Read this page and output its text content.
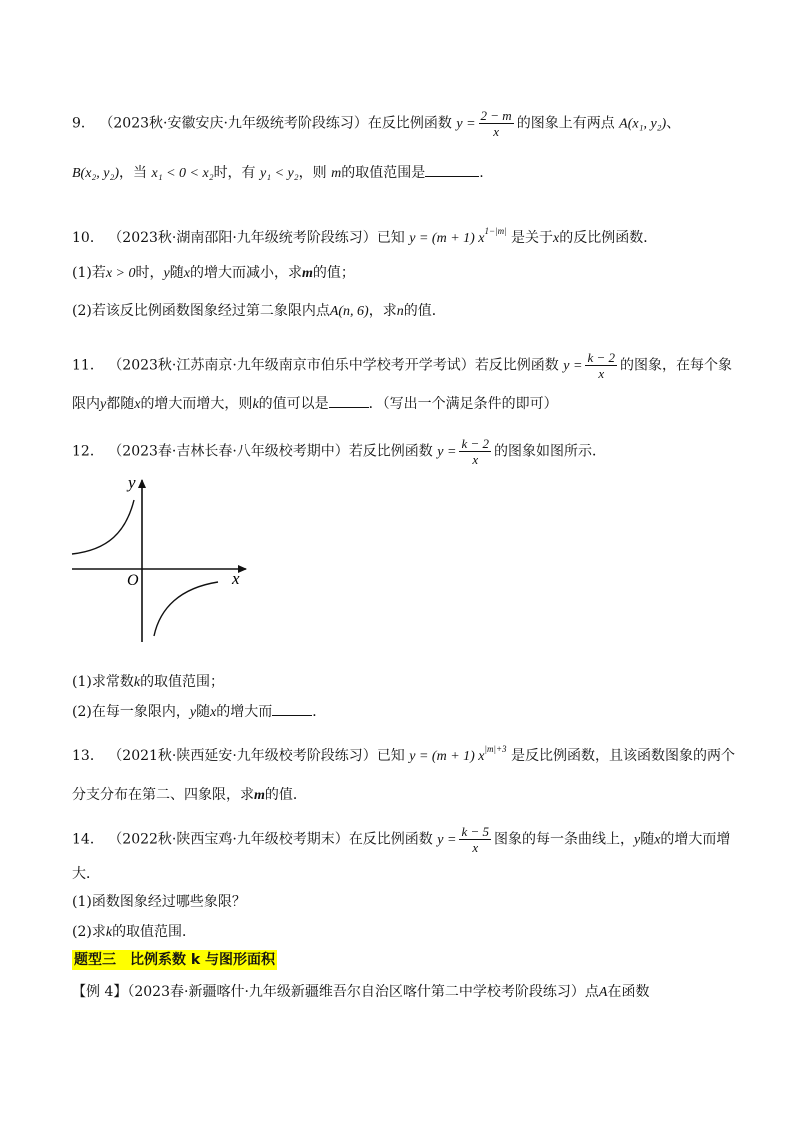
9． （2023秋·安徽安庆·九年级统考阶段练习）在反比例函数 $y = \frac{2 - m}{x}$ 的图象上有两点 A(x₁, y₂)、
B(x₂, y₂)，当 x₁ < 0 < x₂时，有 y₁ < y₂，则 m的取值范围是	.
10． （2023秋·湖南邵阳·九年级统考阶段练习）已知 y = (m + 1) $x^{1-|m|}$ 是关于x的反比例函数．
(1)若x > 0时，y随x的增大而减小，求m的值；
(2)若该反比例函数图象经过第二象限内点A(n, 6)，求n的值．
11． （2023秋·江苏南京·九年级南京市伯乐中学校考开学考试）若反比例函数 $y = \frac{k - 2}{x}$ 的图象，在每个象
限内y都随x的增大而增大，则k的值可以是	．（写出一个满足条件的即可）
12． （2023春·吉林长春·八年级校考期中）若反比例函数 $y = \frac{k - 2}{x}$ 的图象如图所示．
x
y
O
(1)求常数k的取值范围；
(2)在每一象限内，y随x的增大而	．
13． （2021秋·陕西延安·九年级校考阶段练习）已知 y = (m + 1) $x^{|m|+3}$ 是反比例函数，且该函数图象的两个
分支分布在第二、四象限，求m的值．
14． （2022秋·陕西宝鸡·九年级校考期末）在反比例函数 $y = \frac{k - 5}{x}$ 图象的每一条曲线上，y随x的增大而增
大．
(1)函数图象经过哪些象限？
(2)求k的取值范围．
题型三　比例系数 k 与图形面积
【例 4】（2023春·新疆喀什·九年级新疆维吾尔自治区喀什第二中学校考阶段练习）点A在函数
